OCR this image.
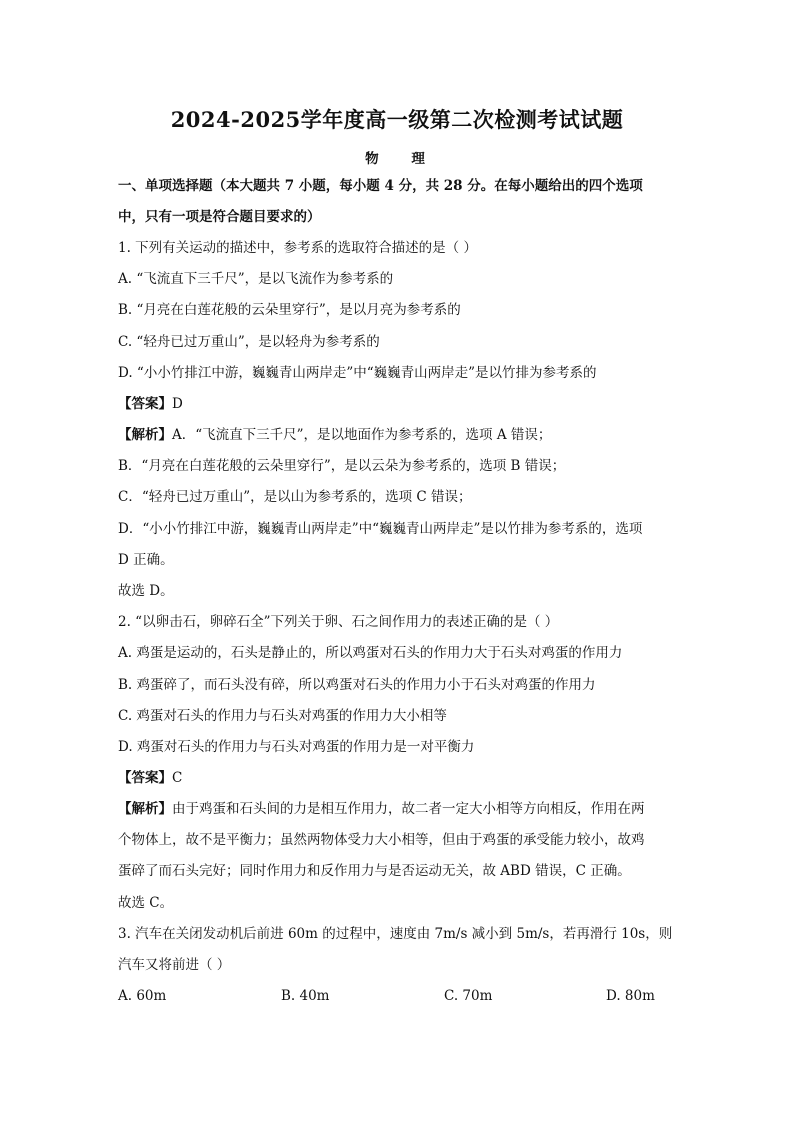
2024-2025学年度高一级第二次检测考试试题
物 理
一、单项选择题（本大题共 7 小题，每小题 4 分，共 28 分。在每小题给出的四个选项
中，只有一项是符合题目要求的）
1. 下列有关运动的描述中，参考系的选取符合描述的是（ ）
A. “飞流直下三千尺”，是以飞流作为参考系的
B. “月亮在白莲花般的云朵里穿行”，是以月亮为参考系的
C. “轻舟已过万重山”，是以轻舟为参考系的
D. “小小竹排江中游，巍巍青山两岸走”中“巍巍青山两岸走”是以竹排为参考系的
【答案】D
【解析】A．“飞流直下三千尺”，是以地面作为参考系的，选项 A 错误；
B．“月亮在白莲花般的云朵里穿行”，是以云朵为参考系的，选项 B 错误；
C．“轻舟已过万重山”，是以山为参考系的，选项 C 错误；
D．“小小竹排江中游，巍巍青山两岸走”中“巍巍青山两岸走”是以竹排为参考系的，选项
D 正确。
故选 D。
2. “以卵击石，卵碎石全”下列关于卵、石之间作用力的表述正确的是（ ）
A. 鸡蛋是运动的，石头是静止的，所以鸡蛋对石头的作用力大于石头对鸡蛋的作用力
B. 鸡蛋碎了，而石头没有碎，所以鸡蛋对石头的作用力小于石头对鸡蛋的作用力
C. 鸡蛋对石头的作用力与石头对鸡蛋的作用力大小相等
D. 鸡蛋对石头的作用力与石头对鸡蛋的作用力是一对平衡力
【答案】C
【解析】由于鸡蛋和石头间的力是相互作用力，故二者一定大小相等方向相反，作用在两
个物体上，故不是平衡力；虽然两物体受力大小相等，但由于鸡蛋的承受能力较小，故鸡
蛋碎了而石头完好；同时作用力和反作用力与是否运动无关，故 ABD 错误，C 正确。
故选 C。
3. 汽车在关闭发动机后前进 60m 的过程中，速度由 7m/s 减小到 5m/s，若再滑行 10s，则
汽车又将前进（ ）
A. 60m	B. 40m	C. 70m	D. 80m
